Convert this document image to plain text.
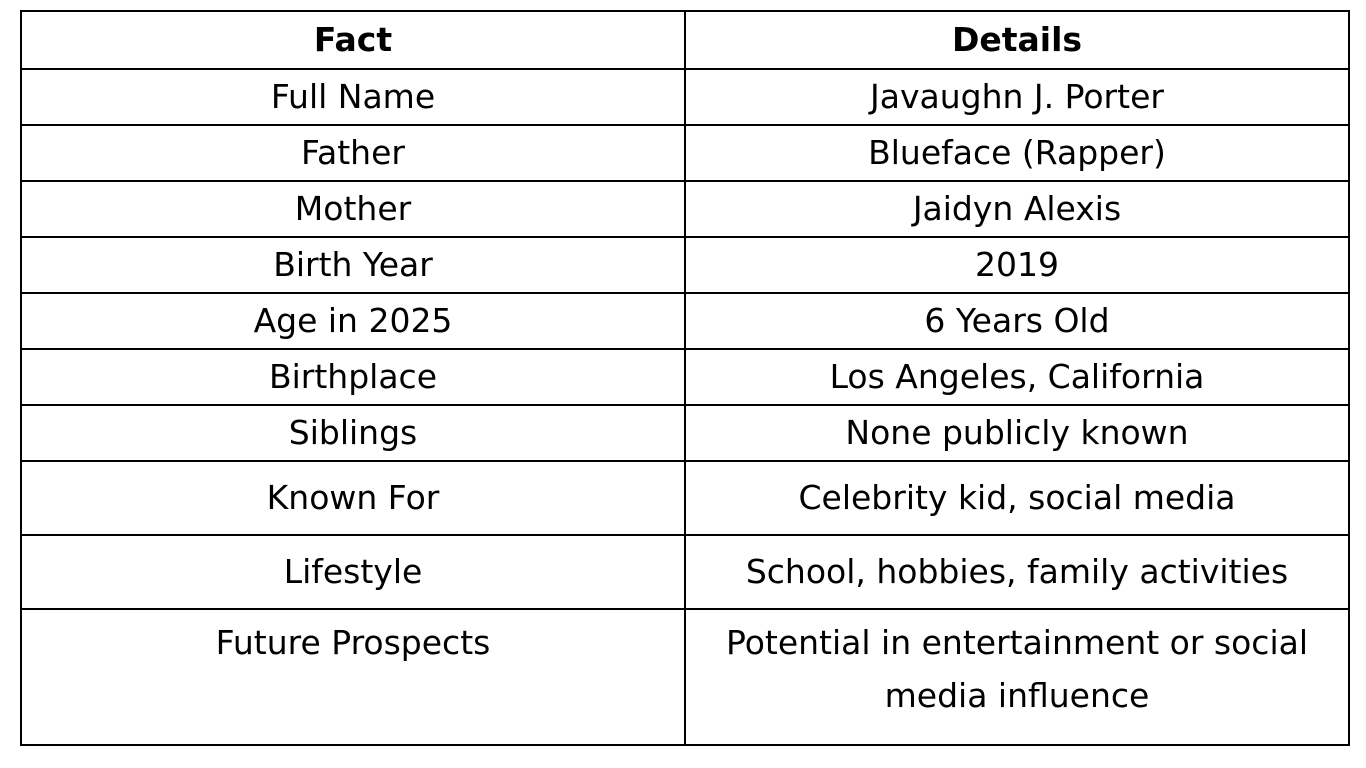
Fact	Details
Full Name	Javaughn J. Porter
Father	Blueface (Rapper)
Mother	Jaidyn Alexis
Birth Year	2019
Age in 2025	6 Years Old
Birthplace	Los Angeles, California
Siblings	None publicly known
Known For	Celebrity kid, social media
Lifestyle	School, hobbies, family activities
Future Prospects	Potential in entertainment or social media influence
